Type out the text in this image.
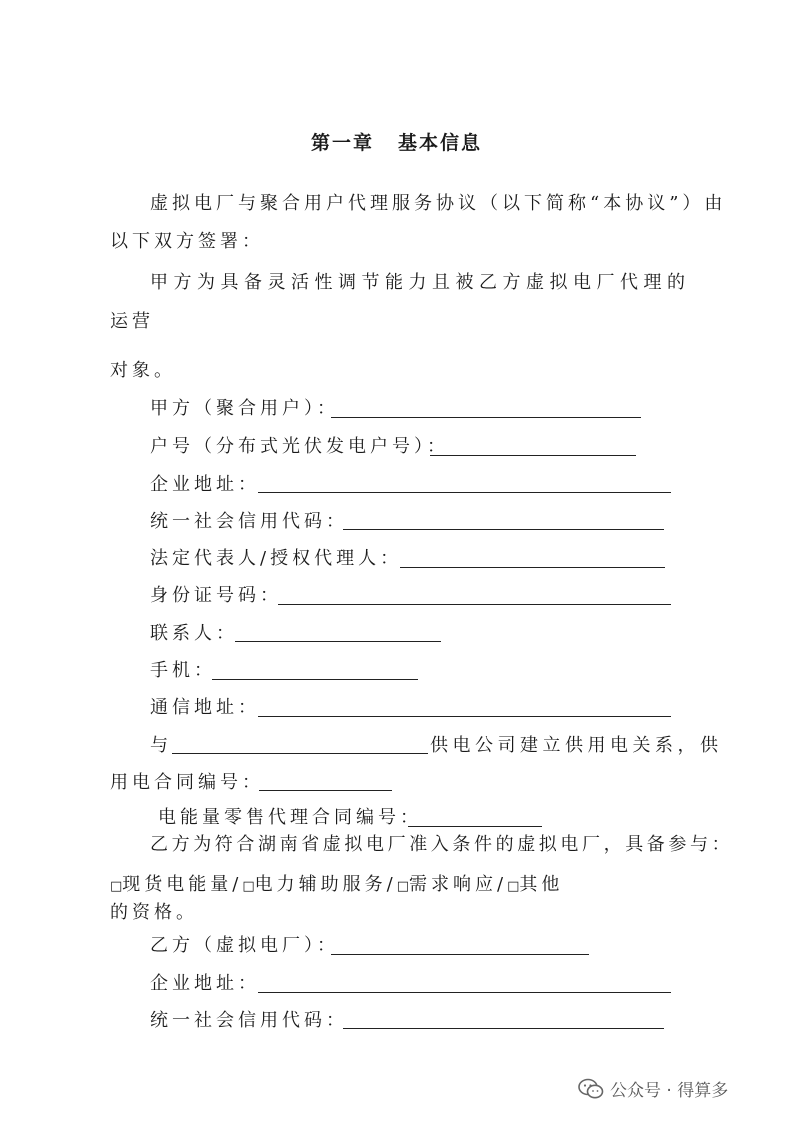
第一章 基本信息
虚拟电厂与聚合用户代理服务协议（以下简称“本协议”）由
以下双方签署：
甲方为具备灵活性调节能力且被乙方虚拟电厂代理的
运营
对象。
甲方（聚合用户）：
户号（分布式光伏发电户号）：
企业地址：
统一社会信用代码：
法定代表人/授权代理人：
身份证号码：
联系人：
手机：
通信地址：
与	供电公司建立供用电关系，供
用电合同编号：
电能量零售代理合同编号：
乙方为符合湖南省虚拟电厂准入条件的虚拟电厂，具备参与：
□现货电能量/□电力辅助服务/□需求响应/□其他
的资格。
乙方（虚拟电厂）：
企业地址：
统一社会信用代码：
公众号 · 得算多
